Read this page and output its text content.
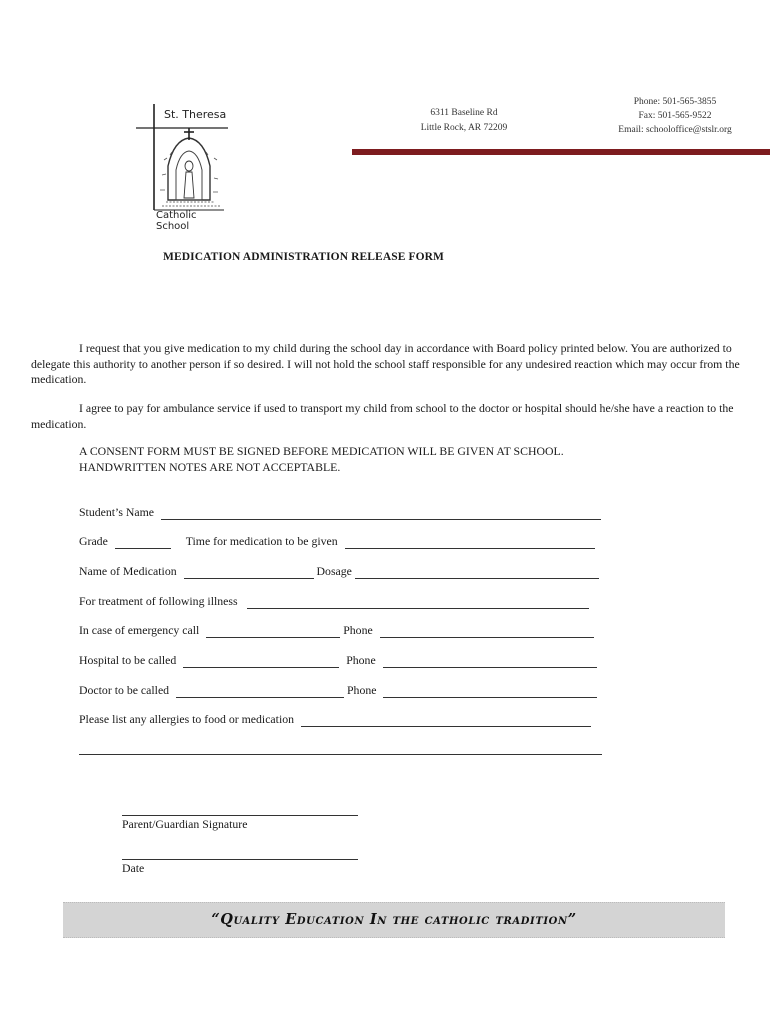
St. Theresa
Catholic School
6311 Baseline Rd
Little Rock, AR 72209
Phone: 501-565-3855
Fax: 501-565-9522
Email: schooloffice@stslr.org
MEDICATION ADMINISTRATION RELEASE FORM
I request that you give medication to my child during the school day in accordance with Board policy printed below. You are authorized to delegate this authority to another person if so desired. I will not hold the school staff responsible for any undesired reaction which may occur from the medication.
I agree to pay for ambulance service if used to transport my child from school to the doctor or hospital should he/she have a reaction to the medication.
A CONSENT FORM MUST BE SIGNED BEFORE MEDICATION WILL BE GIVEN AT SCHOOL.
HANDWRITTEN NOTES ARE NOT ACCEPTABLE.
Student’s Name
Grade	Time for medication to be given
Name of Medication	Dosage
For treatment of following illness
In case of emergency call	Phone
Hospital to be called	Phone
Doctor to be called	Phone
Please list any allergies to food or medication
Parent/Guardian Signature
Date
“Quality Education In the catholic tradition”
